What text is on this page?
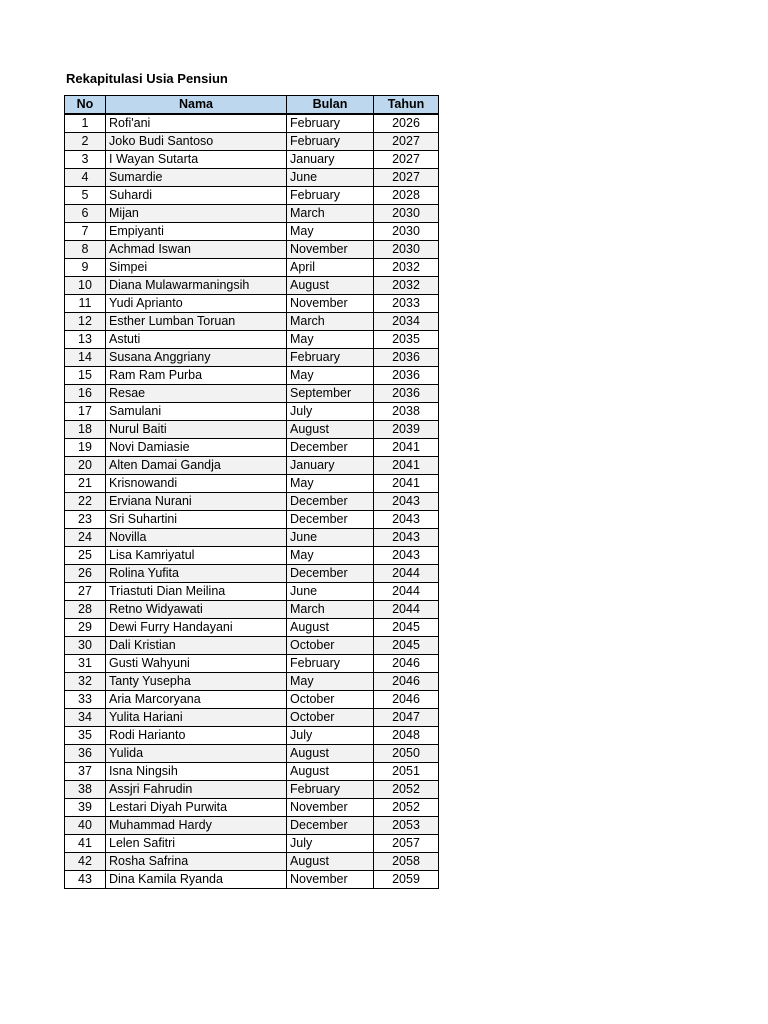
Rekapitulasi Usia Pensiun
No	Nama	Bulan	Tahun
1	Rofi'ani	February	2026
2	Joko Budi Santoso	February	2027
3	I Wayan Sutarta	January	2027
4	Sumardie	June	2027
5	Suhardi	February	2028
6	Mijan	March	2030
7	Empiyanti	May	2030
8	Achmad Iswan	November	2030
9	Simpei	April	2032
10	Diana Mulawarmaningsih	August	2032
11	Yudi Aprianto	November	2033
12	Esther Lumban Toruan	March	2034
13	Astuti	May	2035
14	Susana Anggriany	February	2036
15	Ram Ram Purba	May	2036
16	Resae	September	2036
17	Samulani	July	2038
18	Nurul Baiti	August	2039
19	Novi Damiasie	December	2041
20	Alten Damai Gandja	January	2041
21	Krisnowandi	May	2041
22	Erviana Nurani	December	2043
23	Sri Suhartini	December	2043
24	Novilla	June	2043
25	Lisa Kamriyatul	May	2043
26	Rolina Yufita	December	2044
27	Triastuti Dian Meilina	June	2044
28	Retno Widyawati	March	2044
29	Dewi Furry Handayani	August	2045
30	Dali Kristian	October	2045
31	Gusti Wahyuni	February	2046
32	Tanty Yusepha	May	2046
33	Aria Marcoryana	October	2046
34	Yulita Hariani	October	2047
35	Rodi Harianto	July	2048
36	Yulida	August	2050
37	Isna Ningsih	August	2051
38	Assjri Fahrudin	February	2052
39	Lestari Diyah Purwita	November	2052
40	Muhammad Hardy	December	2053
41	Lelen Safitri	July	2057
42	Rosha Safrina	August	2058
43	Dina Kamila Ryanda	November	2059
